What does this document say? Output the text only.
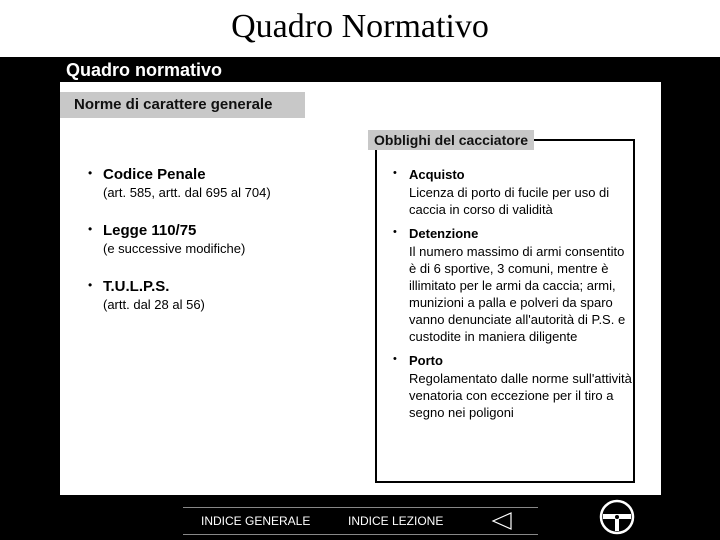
Quadro Normativo
Quadro normativo
Norme di carattere generale
• Codice Penale
(art. 585, artt. dal 695 al 704)
• Legge 110/75
(e successive modifiche)
• T.U.L.P.S.
(artt. dal 28 al 56)
• Acquisto
Licenza di porto di fucile per uso di caccia in corso di validità
• Detenzione
Il numero massimo di armi consentito è di 6 sportive, 3 comuni, mentre è illimitato per le armi da caccia; armi, munizioni a palla e polveri da sparo vanno denunciate all'autorità di P.S. e custodite in maniera diligente
• Porto
Regolamentato dalle norme sull'attività venatoria con eccezione per il tiro a segno nei poligoni
Obblighi del cacciatore
INDICE GENERALE	INDICE LEZIONE
